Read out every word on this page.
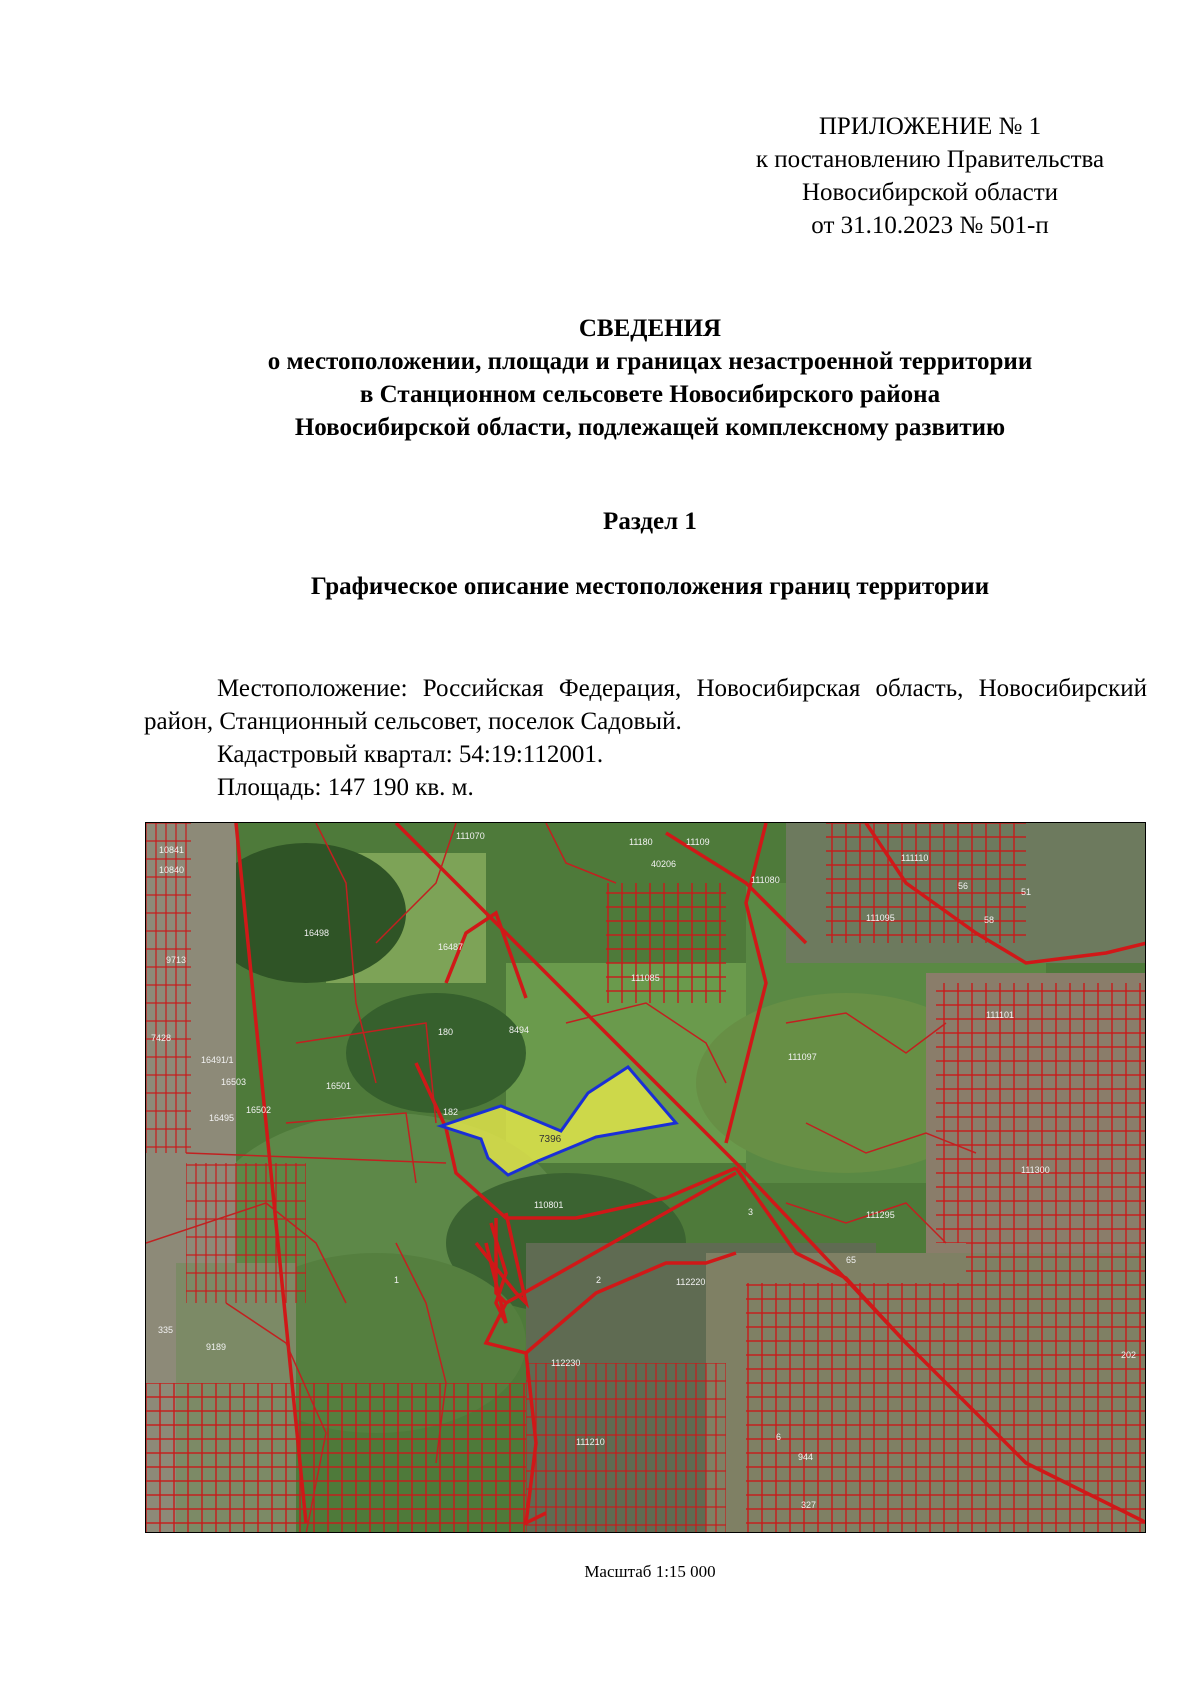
ПРИЛОЖЕНИЕ № 1
к постановлению Правительства
Новосибирской области
от 31.10.2023 № 501-п
СВЕДЕНИЯ
о местоположении, площади и границах незастроенной территории
в Станционном сельсовете Новосибирского района
Новосибирской области, подлежащей комплексному развитию
Раздел 1
Графическое описание местоположения границ территории

Местоположение: Российская Федерация, Новосибирская область, Новосибирский район, Станционный сельсовет, поселок Садовый.

Кадастровый квартал: 54:19:112001.

Площадь: 147 190 кв. м.

7396
111070
11180	11109
40206
111110
111080
16498
16487
111095
111085
8494
180
111097
16491/1
16503	16501
16495
16502	182
110801
111101
111300
111295
3
2
1	112220
112230
111210
335
9189
65
58
56
51
6
944
327
202
10840
10841
9713
7428
Масштаб 1:15 000
